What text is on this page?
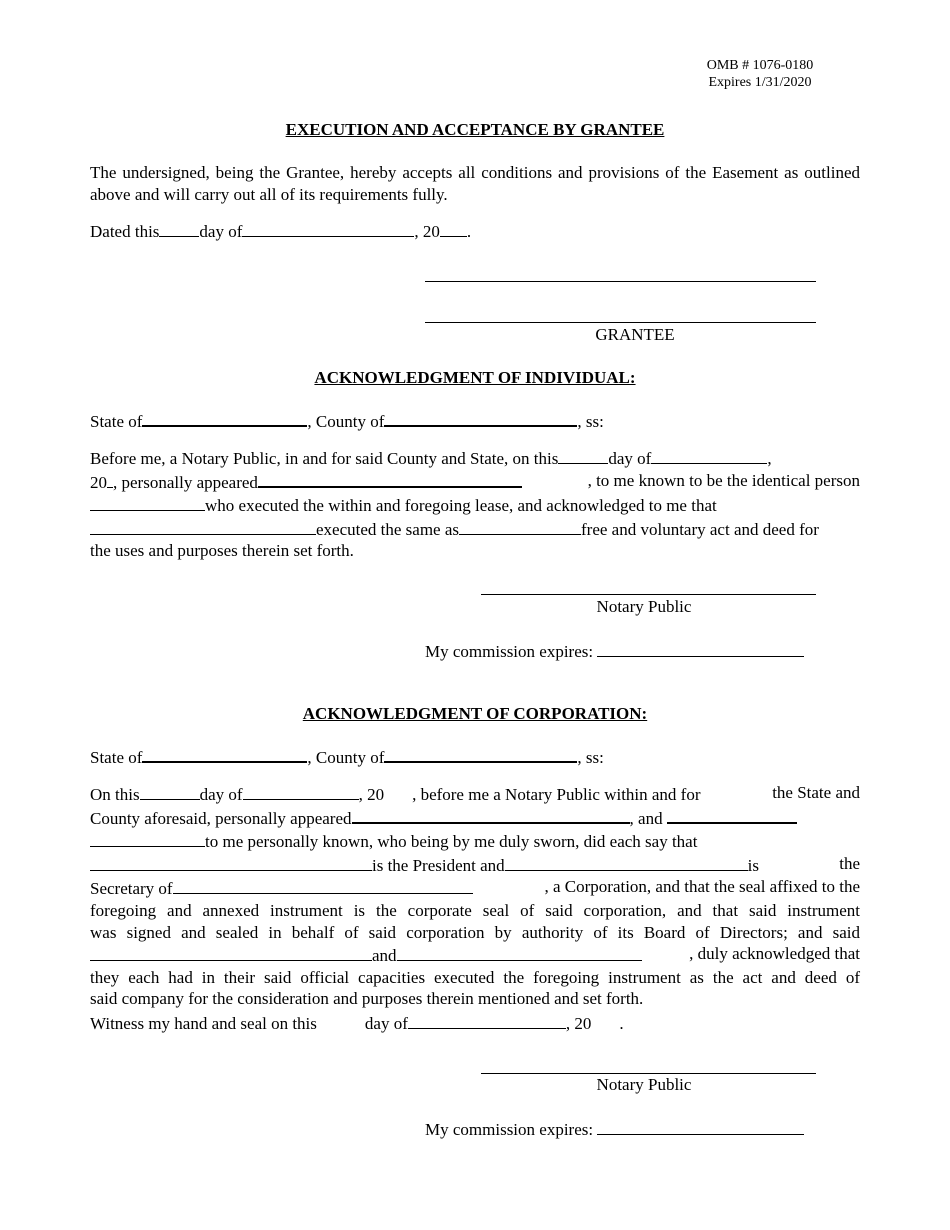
OMB # 1076-0180
Expires 1/31/2020
EXECUTION AND ACCEPTANCE BY GRANTEE
The undersigned, being the Grantee, hereby accepts all conditions and provisions of the Easement as outlined above and will carry out all of its requirements fully.
Dated this day of	, 20 .
GRANTEE
ACKNOWLEDGMENT OF INDIVIDUAL:
State of	, County of	, ss:
Before me, a Notary Public, in and for said County and State, on this	day of	,
20 , personally appeared	, to me known to be the identical person
who executed the within and foregoing lease, and acknowledged to me that
executed the same as	free and voluntary act and deed for
the uses and purposes therein set forth.
Notary Public
My commission expires:
ACKNOWLEDGMENT OF CORPORATION:
State of	, County of	, ss:
On this	day of	, 20 , before me a Notary Public within and for	the State and
County aforesaid, personally appeared	, and
to me personally known, who being by me duly sworn, did each say that
is the President and	is	the
Secretary of	, a Corporation, and that the seal affixed to the
foregoing and annexed instrument is the corporate seal of said corporation, and that said instrument
was signed and sealed in behalf of said corporation by authority of its Board of Directors; and said
and	, duly acknowledged that
they each had in their said official capacities executed the foregoing instrument as the act and deed of
said company for the consideration and purposes therein mentioned and set forth.
Witness my hand and seal on this	day of	, 20 .
Notary Public
My commission expires:
